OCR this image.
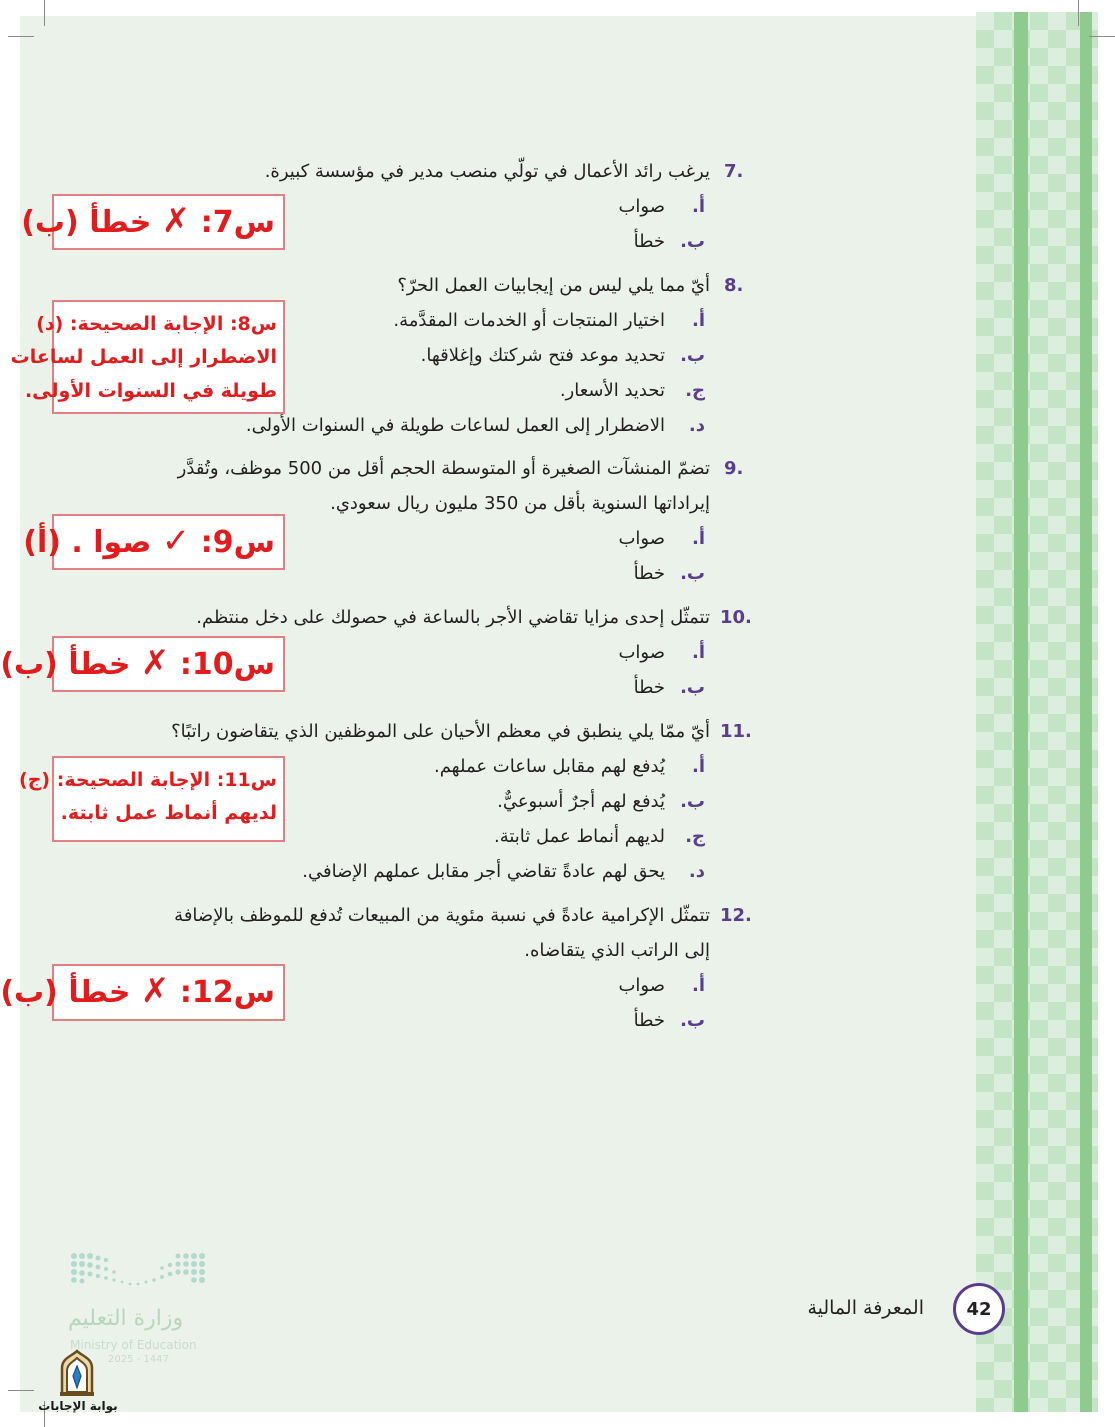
7.
يرغب رائد الأعمال في تولّي منصب مدير في مؤسسة كبيرة.
أ.
صواب
ب.
خطأ
س7: ✗ خطأ (ب)
8.
أيّ مما يلي ليس من إيجابيات العمل الحرّ؟
أ.
اختيار المنتجات أو الخدمات المقدَّمة.
ب.
تحديد موعد فتح شركتك وإغلاقها.
ج.
تحديد الأسعار.
د.
الاضطرار إلى العمل لساعات طويلة في السنوات الأولى.
س8: الإجابة الصحيحة: (د)
الاضطرار إلى العمل لساعات
طويلة في السنوات الأولى.
9.
تضمّ المنشآت الصغيرة أو المتوسطة الحجم أقل من 500 موظف، وتُقدَّر
إيراداتها السنوية بأقل من 350 مليون ريال سعودي.
أ.
صواب
ب.
خطأ
س9: ✓ صوا . (أ)
10.
تتمثّل إحدى مزايا تقاضي الأجر بالساعة في حصولك على دخل منتظم.
أ.
صواب
ب.
خطأ
س10: ✗ خطأ (ب)
11.
أيّ ممّا يلي ينطبق في معظم الأحيان على الموظفين الذي يتقاضون راتبًا؟
أ.
يُدفع لهم مقابل ساعات عملهم.
ب.
يُدفع لهم أجرٌ أسبوعيٌّ.
ج.
لديهم أنماط عمل ثابتة.
د.
يحق لهم عادةً تقاضي أجر مقابل عملهم الإضافي.
س11: الإجابة الصحيحة: (ج)
لديهم أنماط عمل ثابتة.
12.
تتمثّل الإكرامية عادةً في نسبة مئوية من المبيعات تُدفع للموظف بالإضافة
إلى الراتب الذي يتقاضاه.
أ.
صواب
ب.
خطأ
س12: ✗ خطأ (ب)
42
المعرفة المالية
وزارة التعليم
Ministry of Education
2025 - 1447
بوابة الإجابات
